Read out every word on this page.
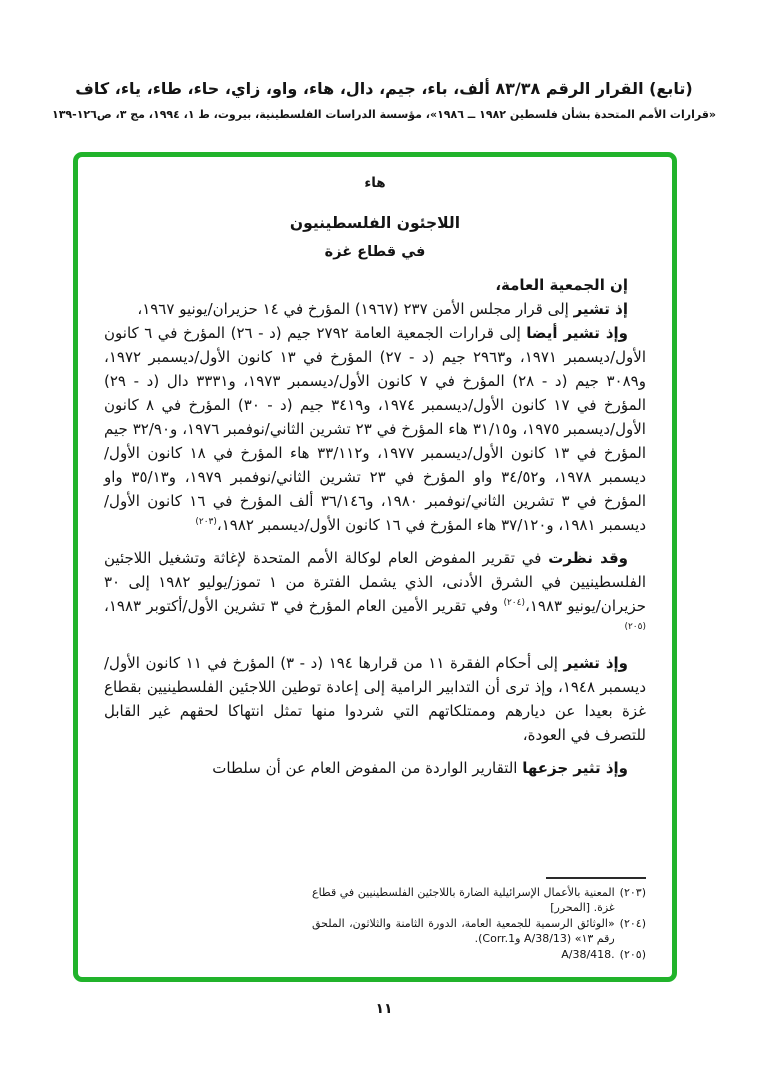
(تابع) القرار الرقم ٨٣/٣٨ ألف، باء، جيم، دال، هاء، واو، زاي، حاء، طاء، ياء، كاف
«قرارات الأمم المتحدة بشأن فلسطين ١٩٨٢ ــ ١٩٨٦»، مؤسسة الدراسات الفلسطينية، بيروت، ط ١، ١٩٩٤، مج ٣، ص١٢٦-١٣٩
هاء
اللاجئون الفلسطينيون
في قطاع غزة

إن الجمعية العامة،

إذ تشير إلى قرار مجلس الأمن ٢٣٧ (١٩٦٧) المؤرخ في ١٤ حزيران/يونيو ١٩٦٧،

وإذ تشير أيضا إلى قرارات الجمعية العامة ٢٧٩٢ جيم (د - ٢٦) المؤرخ في ٦ كانون الأول/ديسمبر ١٩٧١، و٢٩٦٣ جيم (د - ٢٧) المؤرخ في ١٣ كانون الأول/ديسمبر ١٩٧٢، و٣٠٨٩ جيم (د - ٢٨) المؤرخ في ٧ كانون الأول/ديسمبر ١٩٧٣، و٣٣٣١ دال (د - ٢٩) المؤرخ في ١٧ كانون الأول/ديسمبر ١٩٧٤، و٣٤١٩ جيم (د - ٣٠) المؤرخ في ٨ كانون الأول/ديسمبر ١٩٧٥، و٣١/١٥ هاء المؤرخ في ٢٣ تشرين الثاني/نوفمبر ١٩٧٦، و٣٢/٩٠ جيم المؤرخ في ١٣ كانون الأول/ديسمبر ١٩٧٧، و٣٣/١١٢ هاء المؤرخ في ١٨ كانون الأول/ديسمبر ١٩٧٨، و٣٤/٥٢ واو المؤرخ في ٢٣ تشرين الثاني/نوفمبر ١٩٧٩، و٣٥/١٣ واو المؤرخ في ٣ تشرين الثاني/نوفمبر ١٩٨٠، و٣٦/١٤٦ ألف المؤرخ في ١٦ كانون الأول/ديسمبر ١٩٨١، و٣٧/١٢٠ هاء المؤرخ في ١٦ كانون الأول/ديسمبر ١٩٨٢،$^{(٢٠٣)}$

وقد نظرت في تقرير المفوض العام لوكالة الأمم المتحدة لإغاثة وتشغيل اللاجئين الفلسطينيين في الشرق الأدنى، الذي يشمل الفترة من ١ تموز/يوليو ١٩٨٢ إلى ٣٠ حزيران/يونيو ١٩٨٣،$^{(٢٠٤)}$ وفي تقرير الأمين العام المؤرخ في ٣ تشرين الأول/أكتوبر ١٩٨٣،$^{(٢٠٥)}$

وإذ تشير إلى أحكام الفقرة ١١ من قرارها ١٩٤ (د - ٣) المؤرخ في ١١ كانون الأول/ديسمبر ١٩٤٨، وإذ ترى أن التدابير الرامية إلى إعادة توطين اللاجئين الفلسطينيين بقطاع غزة بعيدا عن ديارهم وممتلكاتهم التي شردوا منها تمثل انتهاكا لحقهم غير القابل للتصرف في العودة،

وإذ تثير جزعها التقارير الواردة من المفوض العام عن أن سلطات

(٢٠٣)
المعنية بالأعمال الإسرائيلية الضارة باللاجئين الفلسطينيين في قطاع غزة. [المحرر]
(٢٠٤)
«الوثائق الرسمية للجمعية العامة، الدورة الثامنة والثلاثون، الملحق رقم ١٣» (A/38/13 وCorr.1).
(٢٠٥)
A/38/418.
١١
